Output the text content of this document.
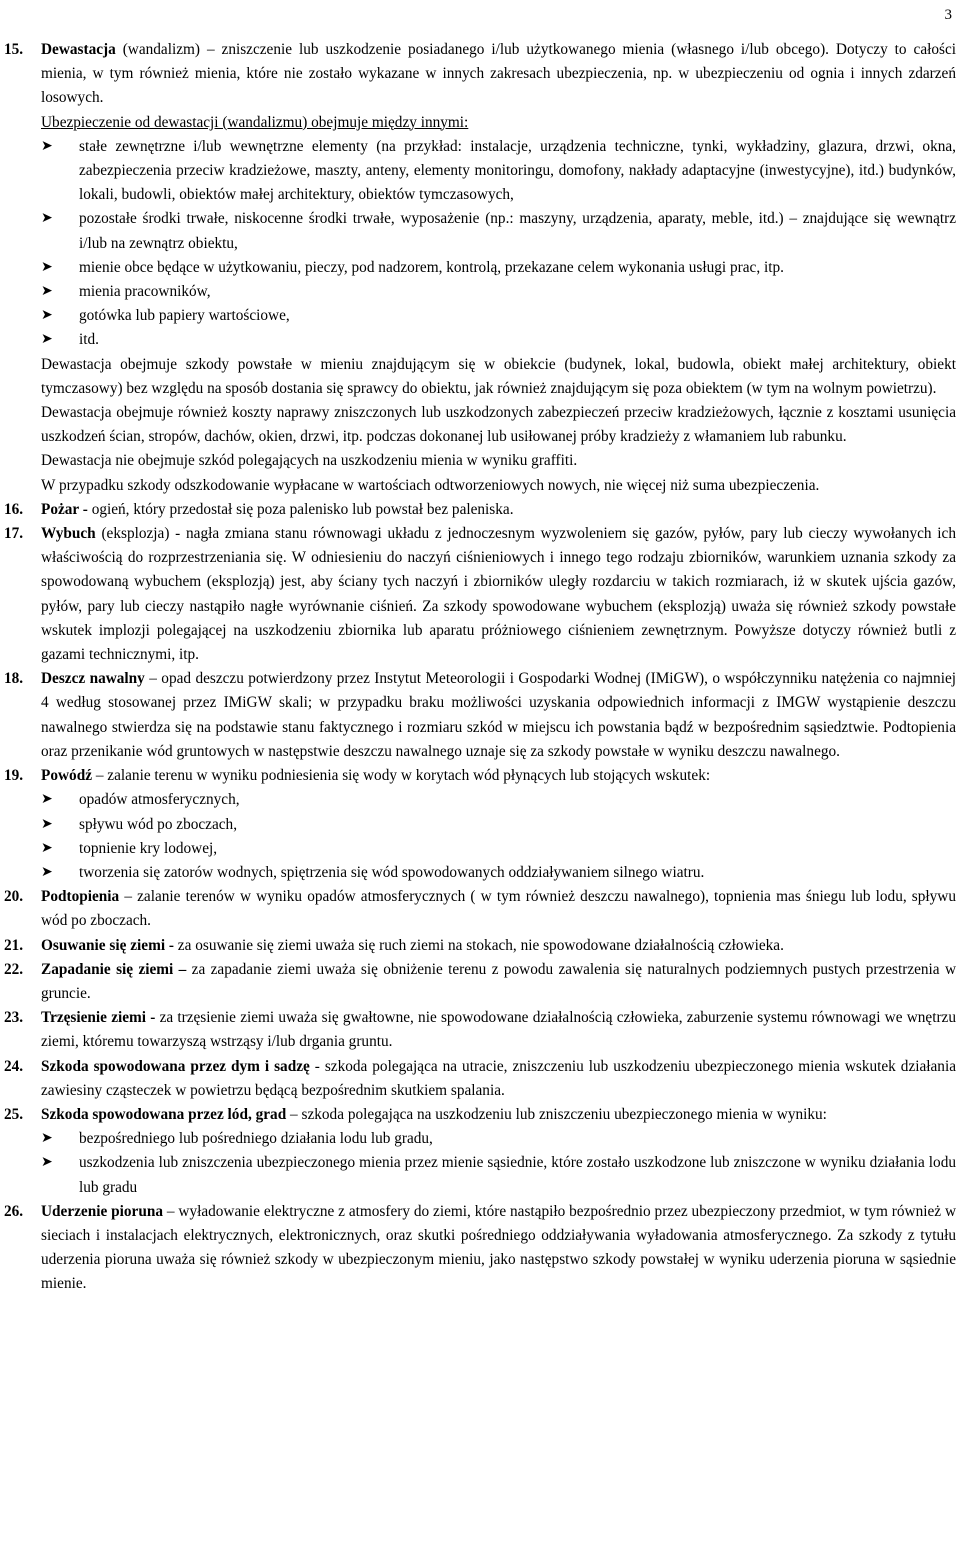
3
15. Dewastacja (wandalizm) – zniszczenie lub uszkodzenie posiadanego i/lub użytkowanego mienia (własnego i/lub obcego). Dotyczy to całości mienia, w tym również mienia, które nie zostało wykazane w innych zakresach ubezpieczenia, np. w ubezpieczeniu od ognia i innych zdarzeń losowych.
Ubezpieczenie od dewastacji (wandalizmu) obejmuje między innymi:
➤ stałe zewnętrzne i/lub wewnętrzne elementy (na przykład: instalacje, urządzenia techniczne, tynki, wykładziny, glazura, drzwi, okna, zabezpieczenia przeciw kradzieżowe, maszty, anteny, elementy monitoringu, domofony, nakłady adaptacyjne (inwestycyjne), itd.) budynków, lokali, budowli, obiektów małej architektury, obiektów tymczasowych,
➤ pozostałe środki trwałe, niskocenne środki trwałe, wyposażenie (np.: maszyny, urządzenia, aparaty, meble, itd.) – znajdujące się wewnątrz i/lub na zewnątrz obiektu,
➤ mienie obce będące w użytkowaniu, pieczy, pod nadzorem, kontrolą, przekazane celem wykonania usługi prac, itp.
➤ mienia pracowników,
➤ gotówka lub papiery wartościowe,
➤ itd.
Dewastacja obejmuje szkody powstałe w mieniu znajdującym się w obiekcie (budynek, lokal, budowla, obiekt małej architektury, obiekt tymczasowy) bez względu na sposób dostania się sprawcy do obiektu, jak również znajdującym się poza obiektem (w tym na wolnym powietrzu).
Dewastacja obejmuje również koszty naprawy zniszczonych lub uszkodzonych zabezpieczeń przeciw kradzieżowych, łącznie z kosztami usunięcia uszkodzeń ścian, stropów, dachów, okien, drzwi, itp. podczas dokonanej lub usiłowanej próby kradzieży z włamaniem lub rabunku.
Dewastacja nie obejmuje szkód polegających na uszkodzeniu mienia w wyniku graffiti.
W przypadku szkody odszkodowanie wypłacane w wartościach odtworzeniowych nowych, nie więcej niż suma ubezpieczenia.
16. Pożar - ogień, który przedostał się poza palenisko lub powstał bez paleniska.
17. Wybuch (eksplozja) - nagła zmiana stanu równowagi układu z jednoczesnym wyzwoleniem się gazów, pyłów, pary lub cieczy wywołanych ich właściwością do rozprzestrzeniania się. W odniesieniu do naczyń ciśnieniowych i innego tego rodzaju zbiorników, warunkiem uznania szkody za spowodowaną wybuchem (eksplozją) jest, aby ściany tych naczyń i zbiorników uległy rozdarciu w takich rozmiarach, iż w skutek ujścia gazów, pyłów, pary lub cieczy nastąpiło nagłe wyrównanie ciśnień. Za szkody spowodowane wybuchem (eksplozją) uważa się również szkody powstałe wskutek implozji polegającej na uszkodzeniu zbiornika lub aparatu próżniowego ciśnieniem zewnętrznym. Powyższe dotyczy również butli z gazami technicznymi, itp.
18. Deszcz nawalny – opad deszczu potwierdzony przez Instytut Meteorologii i Gospodarki Wodnej (IMiGW), o współczynniku natężenia co najmniej 4 według stosowanej przez IMiGW skali; w przypadku braku możliwości uzyskania odpowiednich informacji z IMGW wystąpienie deszczu nawalnego stwierdza się na podstawie stanu faktycznego i rozmiaru szkód w miejscu ich powstania bądź w bezpośrednim sąsiedztwie. Podtopienia oraz przenikanie wód gruntowych w następstwie deszczu nawalnego uznaje się za szkody powstałe w wyniku deszczu nawalnego.
19. Powódź – zalanie terenu w wyniku podniesienia się wody w korytach wód płynących lub stojących wskutek:
➤ opadów atmosferycznych,
➤ spływu wód po zboczach,
➤ topnienie kry lodowej,
➤ tworzenia się zatorów wodnych, spiętrzenia się wód spowodowanych oddziaływaniem silnego wiatru.
20. Podtopienia – zalanie terenów w wyniku opadów atmosferycznych ( w tym również deszczu nawalnego), topnienia mas śniegu lub lodu, spływu wód po zboczach.
21. Osuwanie się ziemi - za osuwanie się ziemi uważa się ruch ziemi na stokach, nie spowodowane działalnością człowieka.
22. Zapadanie się ziemi – za zapadanie ziemi uważa się obniżenie terenu z powodu zawalenia się naturalnych podziemnych pustych przestrzenia w gruncie.
23. Trzęsienie ziemi - za trzęsienie ziemi uważa się gwałtowne, nie spowodowane działalnością człowieka, zaburzenie systemu równowagi we wnętrzu ziemi, któremu towarzyszą wstrząsy i/lub drgania gruntu.
24. Szkoda spowodowana przez dym i sadzę - szkoda polegająca na utracie, zniszczeniu lub uszkodzeniu ubezpieczonego mienia wskutek działania zawiesiny cząsteczek w powietrzu będącą bezpośrednim skutkiem spalania.
25. Szkoda spowodowana przez lód, grad – szkoda polegająca na uszkodzeniu lub zniszczeniu ubezpieczonego mienia w wyniku:
➤ bezpośredniego lub pośredniego działania lodu lub gradu,
➤ uszkodzenia lub zniszczenia ubezpieczonego mienia przez mienie sąsiednie, które zostało uszkodzone lub zniszczone w wyniku działania lodu lub gradu
26. Uderzenie pioruna – wyładowanie elektryczne z atmosfery do ziemi, które nastąpiło bezpośrednio przez ubezpieczony przedmiot, w tym również w sieciach i instalacjach elektrycznych, elektronicznych, oraz skutki pośredniego oddziaływania wyładowania atmosferycznego. Za szkody z tytułu uderzenia pioruna uważa się również szkody w ubezpieczonym mieniu, jako następstwo szkody powstałej w wyniku uderzenia pioruna w sąsiednie mienie.
